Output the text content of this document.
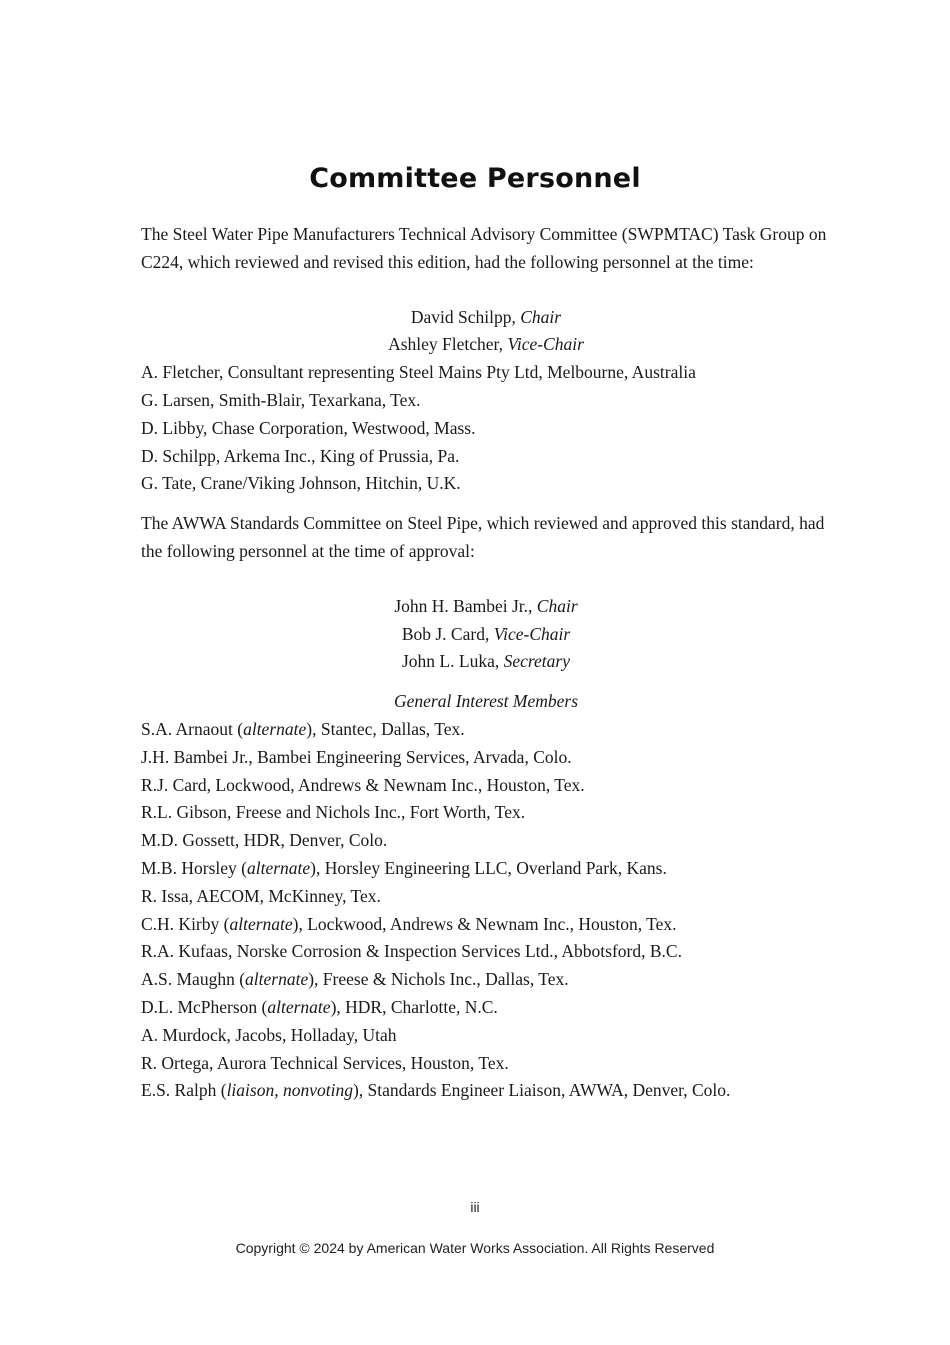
Committee Personnel

The Steel Water Pipe Manufacturers Technical Advisory Committee (SWPMTAC) Task Group on C224, which reviewed and revised this edition, had the following personnel at the time:

David Schilpp, Chair
Ashley Fletcher, Vice-Chair
A. Fletcher, Consultant representing Steel Mains Pty Ltd, Melbourne, Australia
G. Larsen, Smith-Blair, Texarkana, Tex.
D. Libby, Chase Corporation, Westwood, Mass.
D. Schilpp, Arkema Inc., King of Prussia, Pa.
G. Tate, Crane/Viking Johnson, Hitchin, U.K.

The AWWA Standards Committee on Steel Pipe, which reviewed and approved this standard, had the following personnel at the time of approval:

John H. Bambei Jr., Chair
Bob J. Card, Vice-Chair
John L. Luka, Secretary
General Interest Members
S.A. Arnaout (alternate), Stantec, Dallas, Tex.
J.H. Bambei Jr., Bambei Engineering Services, Arvada, Colo.
R.J. Card, Lockwood, Andrews & Newnam Inc., Houston, Tex.
R.L. Gibson, Freese and Nichols Inc., Fort Worth, Tex.
M.D. Gossett, HDR, Denver, Colo.
M.B. Horsley (alternate), Horsley Engineering LLC, Overland Park, Kans.
R. Issa, AECOM, McKinney, Tex.
C.H. Kirby (alternate), Lockwood, Andrews & Newnam Inc., Houston, Tex.
R.A. Kufaas, Norske Corrosion & Inspection Services Ltd., Abbotsford, B.C.
A.S. Maughn (alternate), Freese & Nichols Inc., Dallas, Tex.
D.L. McPherson (alternate), HDR, Charlotte, N.C.
A. Murdock, Jacobs, Holladay, Utah
R. Ortega, Aurora Technical Services, Houston, Tex.
E.S. Ralph (liaison, nonvoting), Standards Engineer Liaison, AWWA, Denver, Colo.
iii
Copyright © 2024 by American Water Works Association. All Rights Reserved
